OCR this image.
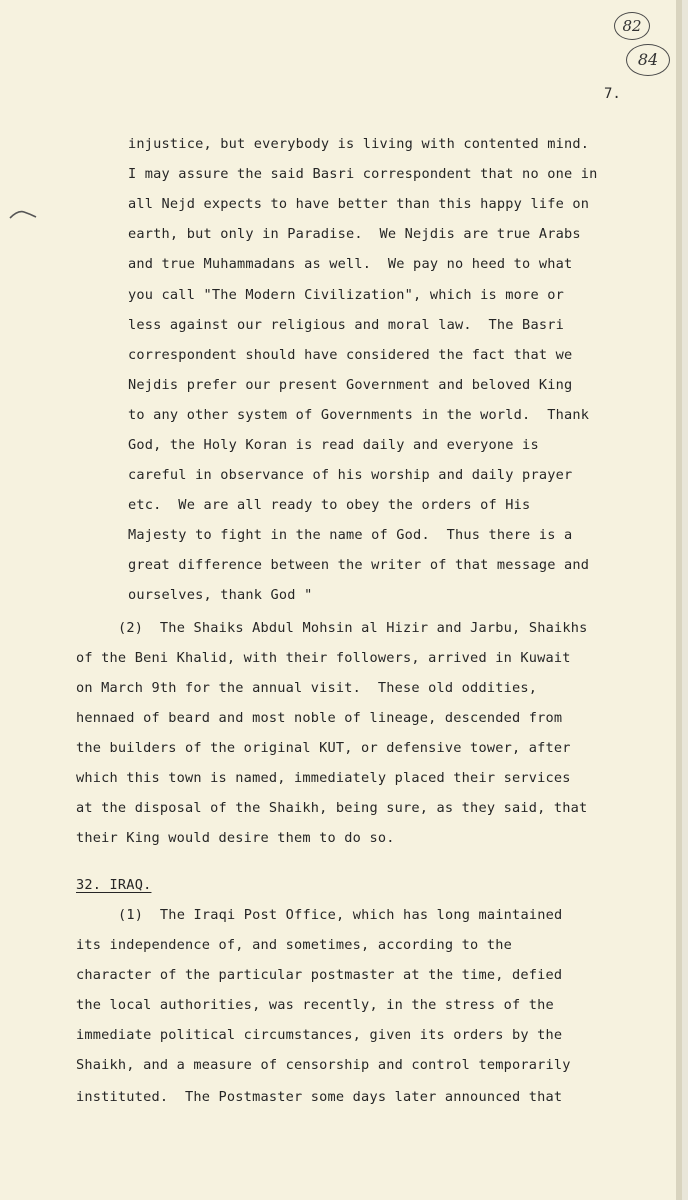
82
84
7.
injustice, but everybody is living with contented mind.
I may assure the said Basri correspondent that no one in
all Nejd expects to have better than this happy life on
earth, but only in Paradise.  We Nejdis are true Arabs
and true Muhammadans as well.  We pay no heed to what
you call "The Modern Civilization", which is more or
less against our religious and moral law.  The Basri
correspondent should have considered the fact that we
Nejdis prefer our present Government and beloved King
to any other system of Governments in the world.  Thank
God, the Holy Koran is read daily and everyone is
careful in observance of his worship and daily prayer
etc.  We are all ready to obey the orders of His
Majesty to fight in the name of God.  Thus there is a
great difference between the writer of that message and
ourselves, thank God "
(2)  The Shaiks Abdul Mohsin al Hizir and Jarbu, Shaikhs
of the Beni Khalid, with their followers, arrived in Kuwait
on March 9th for the annual visit.  These old oddities,
hennaed of beard and most noble of lineage, descended from
the builders of the original KUT, or defensive tower, after
which this town is named, immediately placed their services
at the disposal of the Shaikh, being sure, as they said, that
their King would desire them to do so.
32. IRAQ.
(1)  The Iraqi Post Office, which has long maintained
its independence of, and sometimes, according to the
character of the particular postmaster at the time, defied
the local authorities, was recently, in the stress of the
immediate political circumstances, given its orders by the
Shaikh, and a measure of censorship and control temporarily
instituted.  The Postmaster some days later announced that
